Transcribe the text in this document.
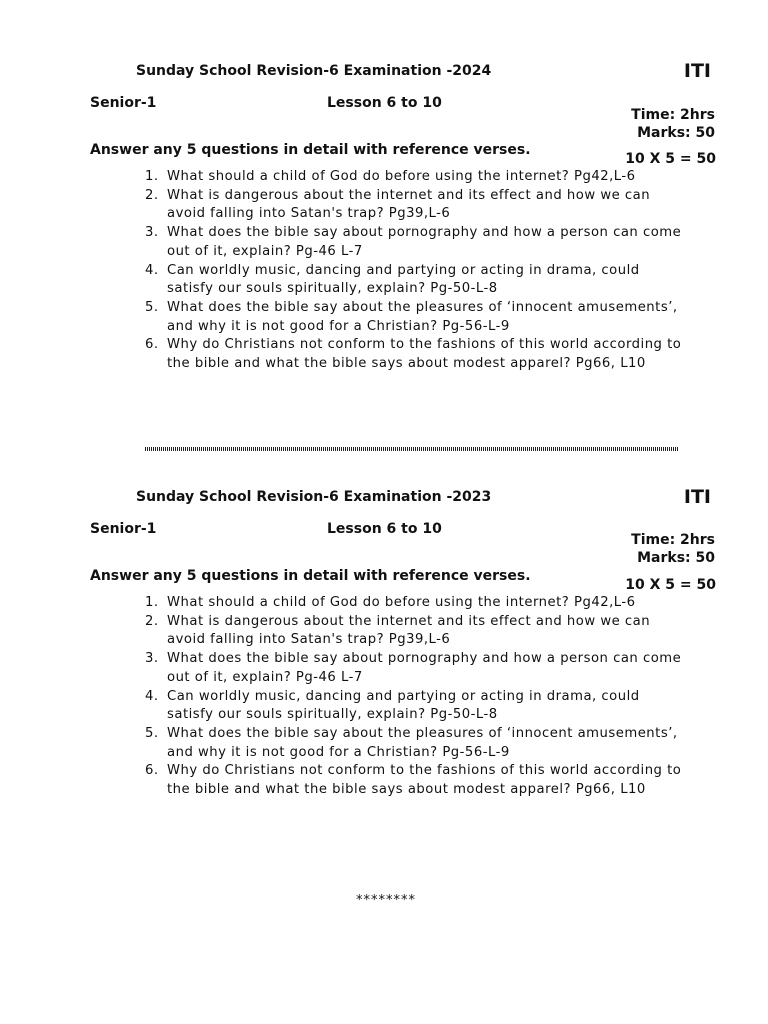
Sunday School Revision-6 Examination -2024	ITI
Senior-1	Lesson 6 to 10
Time: 2hrs
Marks: 50
Answer any 5 questions in detail with reference verses.
10 X 5 = 50
1. What should a child of God do before using the internet? Pg42,L-6
2. What is dangerous about the internet and its effect and how we can avoid falling into Satan's trap? Pg39,L-6
3. What does the bible say about pornography and how a person can come out of it, explain? Pg-46 L-7
4. Can worldly music, dancing and partying or acting in drama, could satisfy our souls spiritually, explain? Pg-50-L-8
5. What does the bible say about the pleasures of ‘innocent amusements’, and why it is not good for a Christian? Pg-56-L-9
6. Why do Christians not conform to the fashions of this world according to the bible and what the bible says about modest apparel? Pg66, L10
Sunday School Revision-6 Examination -2023	ITI
Senior-1	Lesson 6 to 10
Time: 2hrs
Marks: 50
Answer any 5 questions in detail with reference verses.
10 X 5 = 50
1. What should a child of God do before using the internet? Pg42,L-6
2. What is dangerous about the internet and its effect and how we can avoid falling into Satan's trap? Pg39,L-6
3. What does the bible say about pornography and how a person can come out of it, explain? Pg-46 L-7
4. Can worldly music, dancing and partying or acting in drama, could satisfy our souls spiritually, explain? Pg-50-L-8
5. What does the bible say about the pleasures of ‘innocent amusements’, and why it is not good for a Christian? Pg-56-L-9
6. Why do Christians not conform to the fashions of this world according to the bible and what the bible says about modest apparel? Pg66, L10
********
